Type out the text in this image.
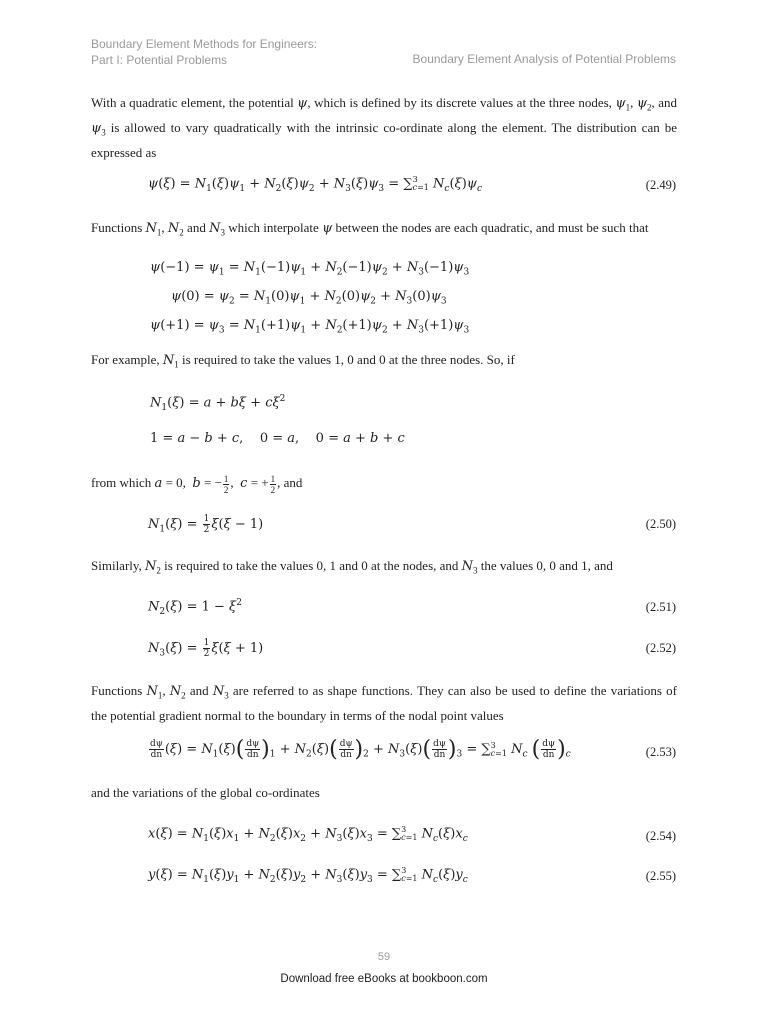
Boundary Element Methods for Engineers:
Part I: Potential Problems	Boundary Element Analysis of Potential Problems
With a quadratic element, the potential ψ, which is defined by its discrete values at the three nodes, $\psi_1$, $\psi_2$, and $\psi_3$ is allowed to vary quadratically with the intrinsic co-ordinate along the element. The distribution can be expressed as
$\psi(\xi) = N_1(\xi)\psi_1 + N_2(\xi)\psi_2 + N_3(\xi)\psi_3$ = ∑ 3
c=1 $N_c(\xi)\psi_c$	(2.49)
Functions $N_1$, $N_2$ and $N_3$ which interpolate ψ between the nodes are each quadratic, and must be such that
$\psi(-1) = \psi_1 = N_1(-1)\psi_1 + N_2(-1)\psi_2 + N_3(-1)\psi_3$
$\psi(0) = \psi_2 = N_1(0)\psi_1 + N_2(0)\psi_2 + N_3(0)\psi_3$
$\psi(+1) = \psi_3 = N_1(+1)\psi_1 + N_2(+1)\psi_2 + N_3(+1)\psi_3$
For example, $N_1$ is required to take the values 1, 0 and 0 at the three nodes. So, if
$N_1(\xi) = a + b\xi + c\xi^2$
1 = a − b + c,    0 = a,    0 = a + b + c
from which a = 0,  b = − $\frac{1}{2}$ ,  c = + $\frac{1}{2}$ , and
$N_1(\xi) = \frac{1}{2} \xi(\xi - 1)$	(2.50)
Similarly, $N_2$ is required to take the values 0, 1 and 0 at the nodes, and $N_3$ the values 0, 0 and 1, and
$N_2(\xi) = 1 - \xi^2$	(2.51)
$N_3(\xi) = \frac{1}{2} \xi(\xi + 1)$	(2.52)
Functions $N_1$, $N_2$ and $N_3$ are referred to as shape functions. They can also be used to define the variations of the potential gradient normal to the boundary in terms of the nodal point values
$\frac{d\psi}{dn} (\xi) = N_1(\xi)( \frac{d\psi}{dn} )_1 + N_2(\xi)( \frac{d\psi}{dn} )_2 + N_3(\xi)( \frac{d\psi}{dn} )_3$ = ∑ 3
c=1 $N_c$ ( $\frac{d\psi}{dn} )_c$	(2.53)
and the variations of the global co-ordinates
$x(\xi) = N_1(\xi)x_1 + N_2(\xi)x_2 + N_3(\xi)x_3$ = ∑ 3
c=1 $N_c(\xi)x_c$	(2.54)
$y(\xi) = N_1(\xi)y_1 + N_2(\xi)y_2 + N_3(\xi)y_3$ = ∑ 3
c=1 $N_c(\xi)y_c$	(2.55)
59
Download free eBooks at bookboon.com
